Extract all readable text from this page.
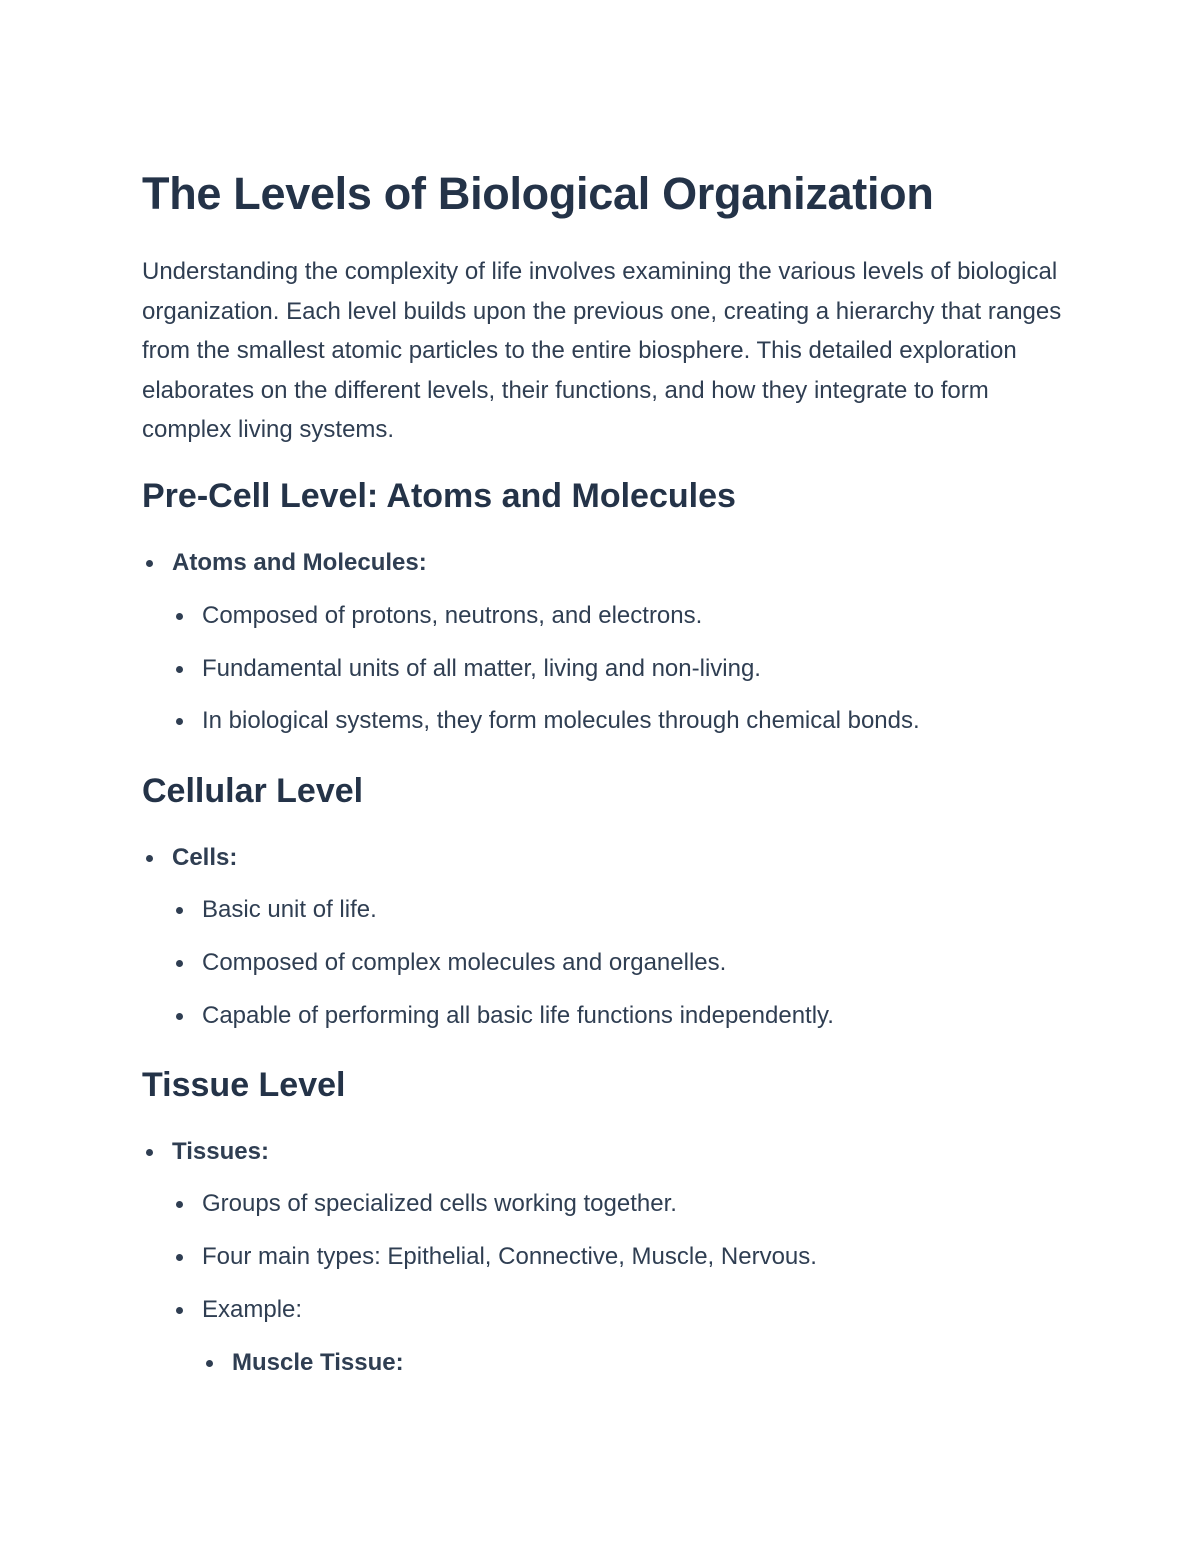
The Levels of Biological Organization

Understanding the complexity of life involves examining the various levels of biological organization. Each level builds upon the previous one, creating a hierarchy that ranges from the smallest atomic particles to the entire biosphere. This detailed exploration elaborates on the different levels, their functions, and how they integrate to form complex living systems.

Pre-Cell Level: Atoms and Molecules
Atoms and Molecules:
Composed of protons, neutrons, and electrons.
Fundamental units of all matter, living and non-living.
In biological systems, they form molecules through chemical bonds.
Cellular Level
Cells:
Basic unit of life.
Composed of complex molecules and organelles.
Capable of performing all basic life functions independently.
Tissue Level
Tissues:
Groups of specialized cells working together.
Four main types: Epithelial, Connective, Muscle, Nervous.
Example:
Muscle Tissue:
